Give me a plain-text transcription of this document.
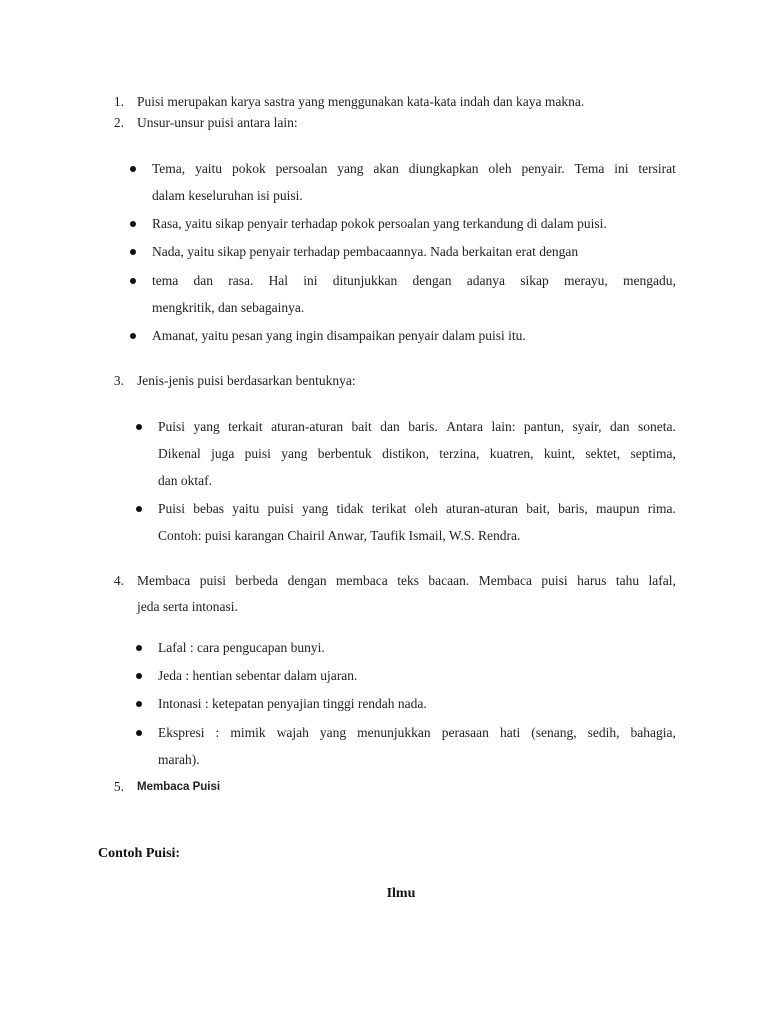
1. Puisi merupakan karya sastra yang menggunakan kata-kata indah dan kaya makna.
2. Unsur-unsur puisi antara lain:
Tema, yaitu pokok persoalan yang akan diungkapkan oleh penyair. Tema ini tersirat
dalam keseluruhan isi puisi.
Rasa, yaitu sikap penyair terhadap pokok persoalan yang terkandung di dalam puisi.
Nada, yaitu sikap penyair terhadap pembacaannya. Nada berkaitan erat dengan
tema dan rasa. Hal ini ditunjukkan dengan adanya sikap merayu, mengadu,
mengkritik, dan sebagainya.
Amanat, yaitu pesan yang ingin disampaikan penyair dalam puisi itu.
3. Jenis-jenis puisi berdasarkan bentuknya:
Puisi yang terkait aturan-aturan bait dan baris. Antara lain: pantun, syair, dan soneta.
Dikenal juga puisi yang berbentuk distikon, terzina, kuatren, kuint, sektet, septima,
dan oktaf.
Puisi bebas yaitu puisi yang tidak terikat oleh aturan-aturan bait, baris, maupun rima.
Contoh: puisi karangan Chairil Anwar, Taufik Ismail, W.S. Rendra.
4. Membaca puisi berbeda dengan membaca teks bacaan. Membaca puisi harus tahu lafal,
jeda serta intonasi.
Lafal : cara pengucapan bunyi.
Jeda : hentian sebentar dalam ujaran.
Intonasi : ketepatan penyajian tinggi rendah nada.
Ekspresi : mimik wajah yang menunjukkan perasaan hati (senang, sedih, bahagia,
marah).
5. Membaca Puisi
Contoh Puisi:
Ilmu
